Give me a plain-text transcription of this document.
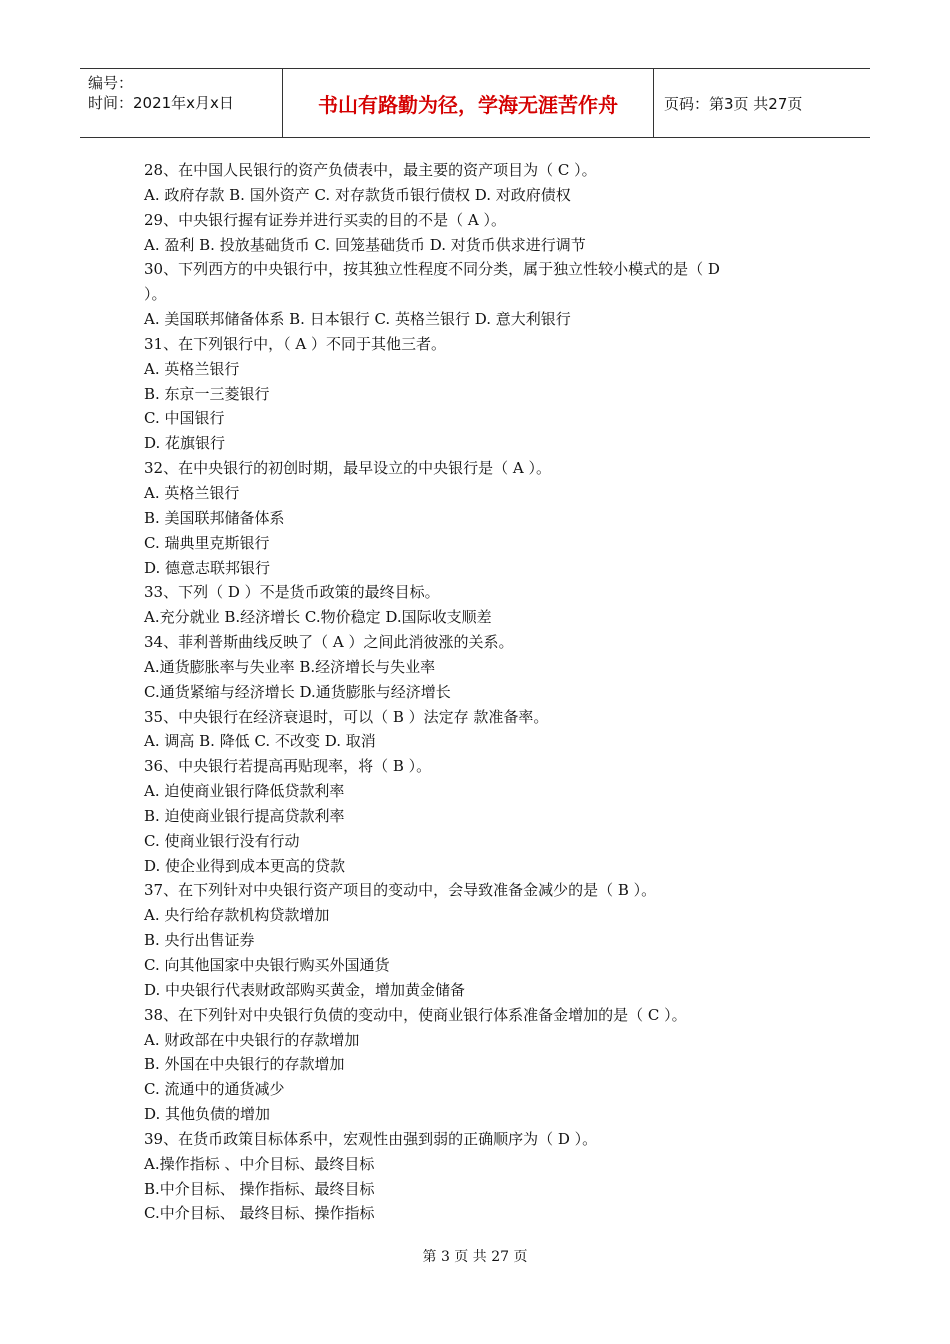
编号：
时间：2021年x月x日	书山有路勤为径，学海无涯苦作舟	页码：第3页 共27页
28、在中国人民银行的资产负债表中，最主要的资产项目为（ C ）。
A. 政府存款 B. 国外资产 C. 对存款货币银行债权 D. 对政府债权
29、中央银行握有证券并进行买卖的目的不是（ A ）。
A. 盈利 B. 投放基础货币 C. 回笼基础货币 D. 对货币供求进行调节
30、下列西方的中央银行中，按其独立性程度不同分类，属于独立性较小模式的是（ D
）。
A. 美国联邦储备体系 B. 日本银行 C. 英格兰银行 D. 意大利银行
31、在下列银行中，（ A ）不同于其他三者。
A. 英格兰银行
B. 东京一三菱银行
C. 中国银行
D. 花旗银行
32、在中央银行的初创时期，最早设立的中央银行是（ A ）。
A. 英格兰银行
B. 美国联邦储备体系
C. 瑞典里克斯银行
D. 德意志联邦银行
33、下列（ D ）不是货币政策的最终目标。
A.充分就业 B.经济增长 C.物价稳定 D.国际收支顺差
34、菲利普斯曲线反映了（ A ）之间此消彼涨的关系。
A.通货膨胀率与失业率 B.经济增长与失业率
C.通货紧缩与经济增长 D.通货膨胀与经济增长
35、中央银行在经济衰退时，可以（ B ）法定存 款准备率。
A. 调高 B. 降低 C. 不改变 D. 取消
36、中央银行若提高再贴现率，将（ B ）。
A. 迫使商业银行降低贷款利率
B. 迫使商业银行提高贷款利率
C. 使商业银行没有行动
D. 使企业得到成本更高的贷款
37、在下列针对中央银行资产项目的变动中，会导致准备金减少的是（ B ）。
A. 央行给存款机构贷款增加
B. 央行出售证券
C. 向其他国家中央银行购买外国通货
D. 中央银行代表财政部购买黄金，增加黄金储备
38、在下列针对中央银行负债的变动中，使商业银行体系准备金增加的是（ C ）。
A. 财政部在中央银行的存款增加
B. 外国在中央银行的存款增加
C. 流通中的通货减少
D. 其他负债的增加
39、在货币政策目标体系中，宏观性由强到弱的正确顺序为（ D ）。
A.操作指标 、中介目标、最终目标
B.中介目标、 操作指标、最终目标
C.中介目标、 最终目标、操作指标
第 3 页 共 27 页
